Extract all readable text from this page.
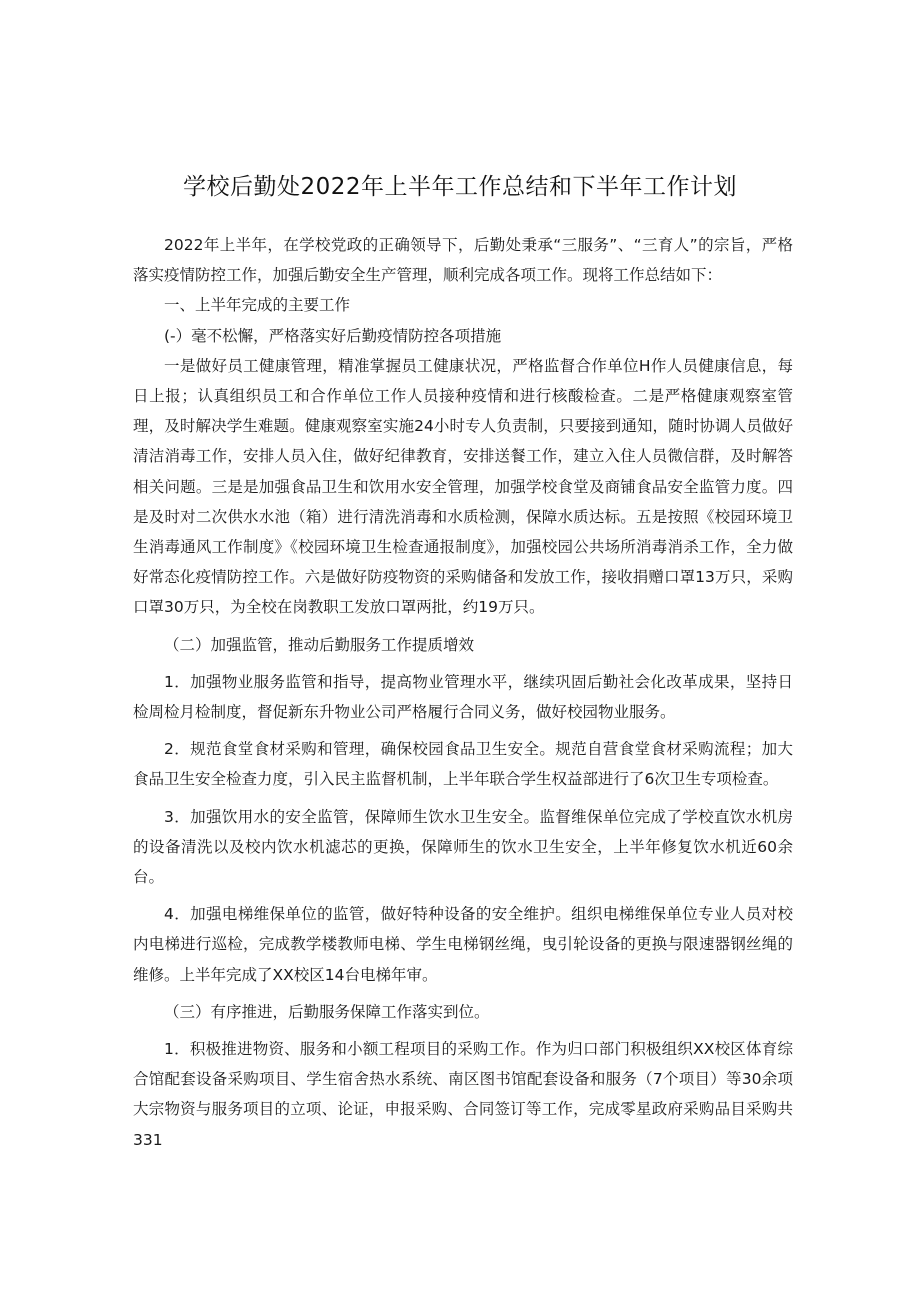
学校后勤处2022年上半年工作总结和下半年工作计划

2022年上半年，在学校党政的正确领导下，后勤处秉承“三服务”、“三育人”的宗旨，严格落实疫情防控工作，加强后勤安全生产管理，顺利完成各项工作。现将工作总结如下：

一、上半年完成的主要工作

(-）毫不松懈，严格落实好后勤疫情防控各项措施

一是做好员工健康管理，精准掌握员工健康状况，严格监督合作单位H作人员健康信息，每日上报；认真组织员工和合作单位工作人员接种疫情和进行核酸检查。二是严格健康观察室管理，及时解决学生难题。健康观察室实施24小时专人负责制，只要接到通知，随时协调人员做好清洁消毒工作，安排人员入住，做好纪律教育，安排送餐工作，建立入住人员微信群，及时解答相关问题。三是是加强食品卫生和饮用水安全管理，加强学校食堂及商铺食品安全监管力度。四是及时对二次供水水池（箱）进行清洗消毒和水质检测，保障水质达标。五是按照《校园环境卫生消毒通风工作制度》《校园环境卫生检查通报制度》，加强校园公共场所消毒消杀工作，全力做好常态化疫情防控工作。六是做好防疫物资的采购储备和发放工作，接收捐赠口罩13万只，采购口罩30万只，为全校在岗教职工发放口罩两批，约19万只。

（二）加强监管，推动后勤服务工作提质增效

1．加强物业服务监管和指导，提高物业管理水平，继续巩固后勤社会化改革成果，坚持日检周检月检制度，督促新东升物业公司严格履行合同义务，做好校园物业服务。

2．规范食堂食材采购和管理，确保校园食品卫生安全。规范自营食堂食材采购流程；加大食品卫生安全检查力度，引入民主监督机制，上半年联合学生权益部进行了6次卫生专项检查。

3．加强饮用水的安全监管，保障师生饮水卫生安全。监督维保单位完成了学校直饮水机房的设备清洗以及校内饮水机滤芯的更换，保障师生的饮水卫生安全，上半年修复饮水机近60余台。

4．加强电梯维保单位的监管，做好特种设备的安全维护。组织电梯维保单位专业人员对校内电梯进行巡检，完成教学楼教师电梯、学生电梯钢丝绳，曳引轮设备的更换与限速器钢丝绳的维修。上半年完成了XX校区14台电梯年审。

（三）有序推进，后勤服务保障工作落实到位。

1．积极推进物资、服务和小额工程项目的采购工作。作为归口部门积极组织XX校区体育综合馆配套设备采购项目、学生宿舍热水系统、南区图书馆配套设备和服务（7个项目）等30余项大宗物资与服务项目的立项、论证，申报采购、合同签订等工作，完成零星政府采购品目采购共331
